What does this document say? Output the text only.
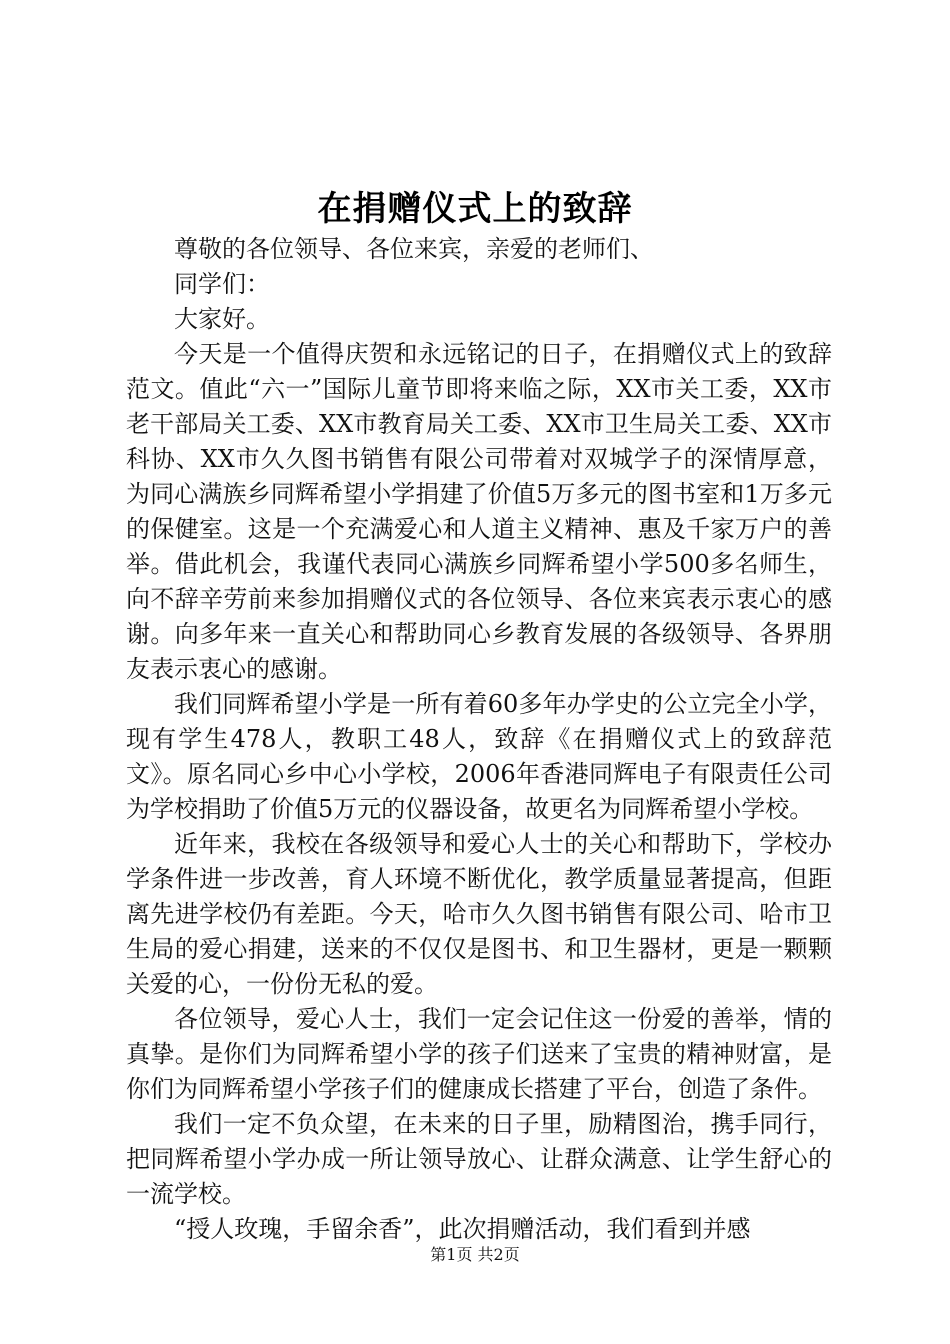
在捐赠仪式上的致辞

尊敬的各位领导、各位来宾，亲爱的老师们、

同学们：

大家好。

今天是一个值得庆贺和永远铭记的日子，在捐赠仪式上的致辞范文。值此“六一”国际儿童节即将来临之际，XX市关工委，XX市老干部局关工委、XX市教育局关工委、XX市卫生局关工委、XX市科协、XX市久久图书销售有限公司带着对双城学子的深情厚意，为同心满族乡同辉希望小学捐建了价值5万多元的图书室和1万多元的保健室。这是一个充满爱心和人道主义精神、惠及千家万户的善举。借此机会，我谨代表同心满族乡同辉希望小学500多名师生，向不辞辛劳前来参加捐赠仪式的各位领导、各位来宾表示衷心的感谢。向多年来一直关心和帮助同心乡教育发展的各级领导、各界朋友表示衷心的感谢。

我们同辉希望小学是一所有着60多年办学史的公立完全小学，现有学生478人，教职工48人，致辞《在捐赠仪式上的致辞范文》。原名同心乡中心小学校，2006年香港同辉电子有限责任公司为学校捐助了价值5万元的仪器设备，故更名为同辉希望小学校。

近年来，我校在各级领导和爱心人士的关心和帮助下，学校办学条件进一步改善，育人环境不断优化，教学质量显著提高，但距离先进学校仍有差距。今天，哈市久久图书销售有限公司、哈市卫生局的爱心捐建，送来的不仅仅是图书、和卫生器材，更是一颗颗关爱的心，一份份无私的爱。

各位领导，爱心人士，我们一定会记住这一份爱的善举，情的真挚。是你们为同辉希望小学的孩子们送来了宝贵的精神财富，是你们为同辉希望小学孩子们的健康成长搭建了平台，创造了条件。

我们一定不负众望，在未来的日子里，励精图治，携手同行，把同辉希望小学办成一所让领导放心、让群众满意、让学生舒心的一流学校。

“授人玫瑰，手留余香”，此次捐赠活动，我们看到并感

第1页 共2页
